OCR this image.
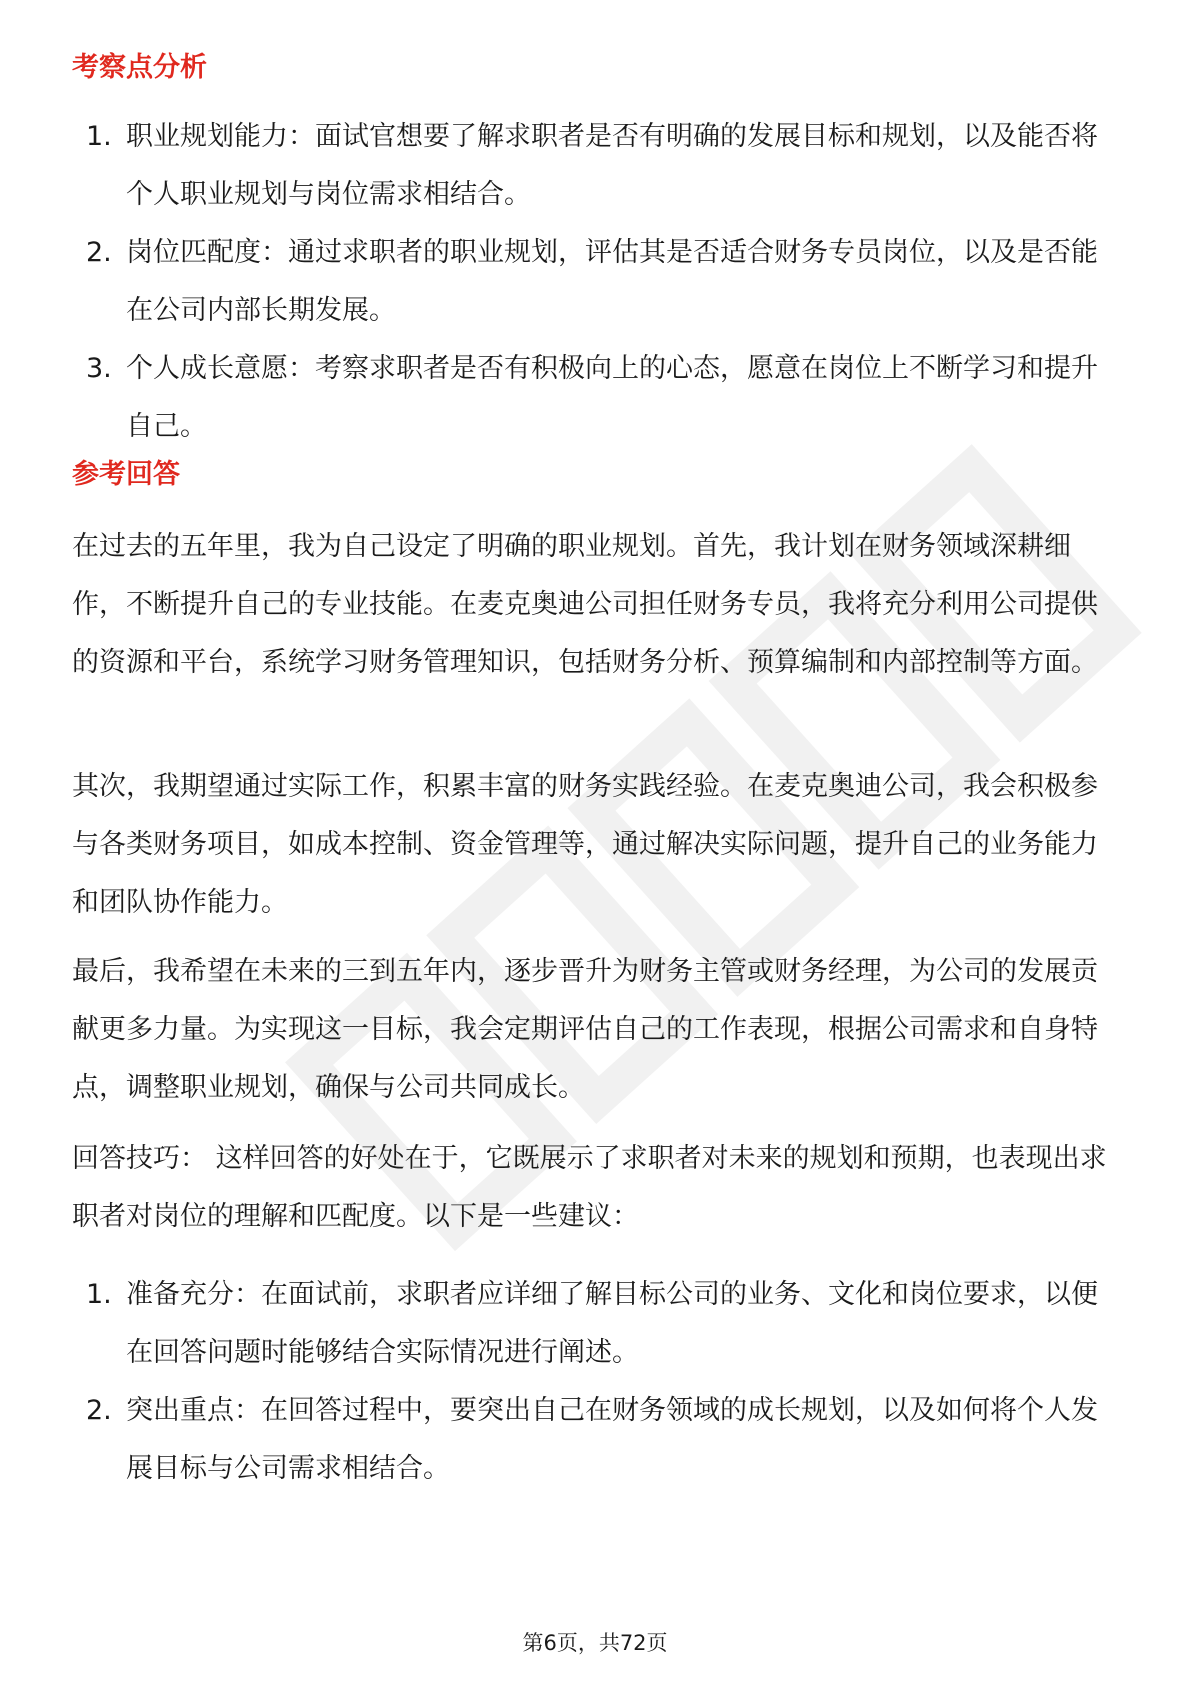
考察点分析
1. 职业规划能力：面试官想要了解求职者是否有明确的发展目标和规划，以及能否将个人职业规划与岗位需求相结合。
2. 岗位匹配度：通过求职者的职业规划，评估其是否适合财务专员岗位，以及是否能在公司内部长期发展。
3. 个人成长意愿：考察求职者是否有积极向上的心态，愿意在岗位上不断学习和提升自己。
参考回答

在过去的五年里，我为自己设定了明确的职业规划。首先，我计划在财务领域深耕细作，不断提升自己的专业技能。在麦克奥迪公司担任财务专员，我将充分利用公司提供的资源和平台，系统学习财务管理知识，包括财务分析、预算编制和内部控制等方面。

其次，我期望通过实际工作，积累丰富的财务实践经验。在麦克奥迪公司，我会积极参与各类财务项目，如成本控制、资金管理等，通过解决实际问题，提升自己的业务能力和团队协作能力。

最后，我希望在未来的三到五年内，逐步晋升为财务主管或财务经理，为公司的发展贡献更多力量。为实现这一目标，我会定期评估自己的工作表现，根据公司需求和自身特点，调整职业规划，确保与公司共同成长。

回答技巧： 这样回答的好处在于，它既展示了求职者对未来的规划和预期，也表现出求职者对岗位的理解和匹配度。以下是一些建议：

1. 准备充分：在面试前，求职者应详细了解目标公司的业务、文化和岗位要求，以便在回答问题时能够结合实际情况进行阐述。
2. 突出重点：在回答过程中，要突出自己在财务领域的成长规划，以及如何将个人发展目标与公司需求相结合。
第6页，共72页
